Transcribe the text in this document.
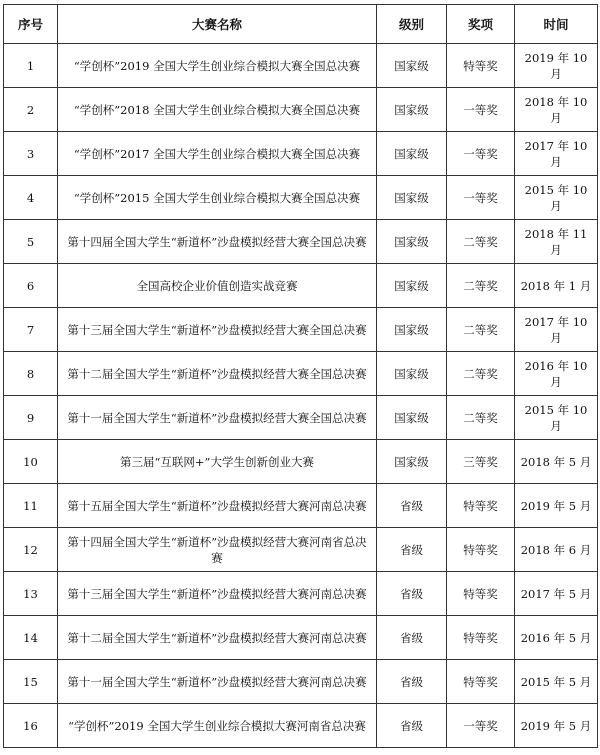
序号	大赛名称	级别	奖项	时间
1	“学创杯”2019 全国大学生创业综合模拟大赛全国总决赛	国家级	特等奖	2019 年 10 月
2	“学创杯”2018 全国大学生创业综合模拟大赛全国总决赛	国家级	一等奖	2018 年 10 月
3	“学创杯”2017 全国大学生创业综合模拟大赛全国总决赛	国家级	一等奖	2017 年 10 月
4	“学创杯”2015 全国大学生创业综合模拟大赛全国总决赛	国家级	一等奖	2015 年 10 月
5	第十四届全国大学生“新道杯”沙盘模拟经营大赛全国总决赛	国家级	二等奖	2018 年 11 月
6	全国高校企业价值创造实战竞赛	国家级	二等奖	2018 年 1 月
7	第十三届全国大学生“新道杯”沙盘模拟经营大赛全国总决赛	国家级	二等奖	2017 年 10 月
8	第十二届全国大学生“新道杯”沙盘模拟经营大赛全国总决赛	国家级	二等奖	2016 年 10 月
9	第十一届全国大学生“新道杯”沙盘模拟经营大赛全国总决赛	国家级	二等奖	2015 年 10 月
10	第三届“互联网+”大学生创新创业大赛	国家级	三等奖	2018 年 5 月
11	第十五届全国大学生“新道杯”沙盘模拟经营大赛河南总决赛	省级	特等奖	2019 年 5 月
12	第十四届全国大学生“新道杯”沙盘模拟经营大赛河南省总决赛	省级	特等奖	2018 年 6 月
13	第十三届全国大学生“新道杯”沙盘模拟经营大赛河南总决赛	省级	特等奖	2017 年 5 月
14	第十二届全国大学生“新道杯”沙盘模拟经营大赛河南总决赛	省级	特等奖	2016 年 5 月
15	第十一届全国大学生“新道杯”沙盘模拟经营大赛河南总决赛	省级	特等奖	2015 年 5 月
16	“学创杯”2019 全国大学生创业综合模拟大赛河南省总决赛	省级	一等奖	2019 年 5 月
